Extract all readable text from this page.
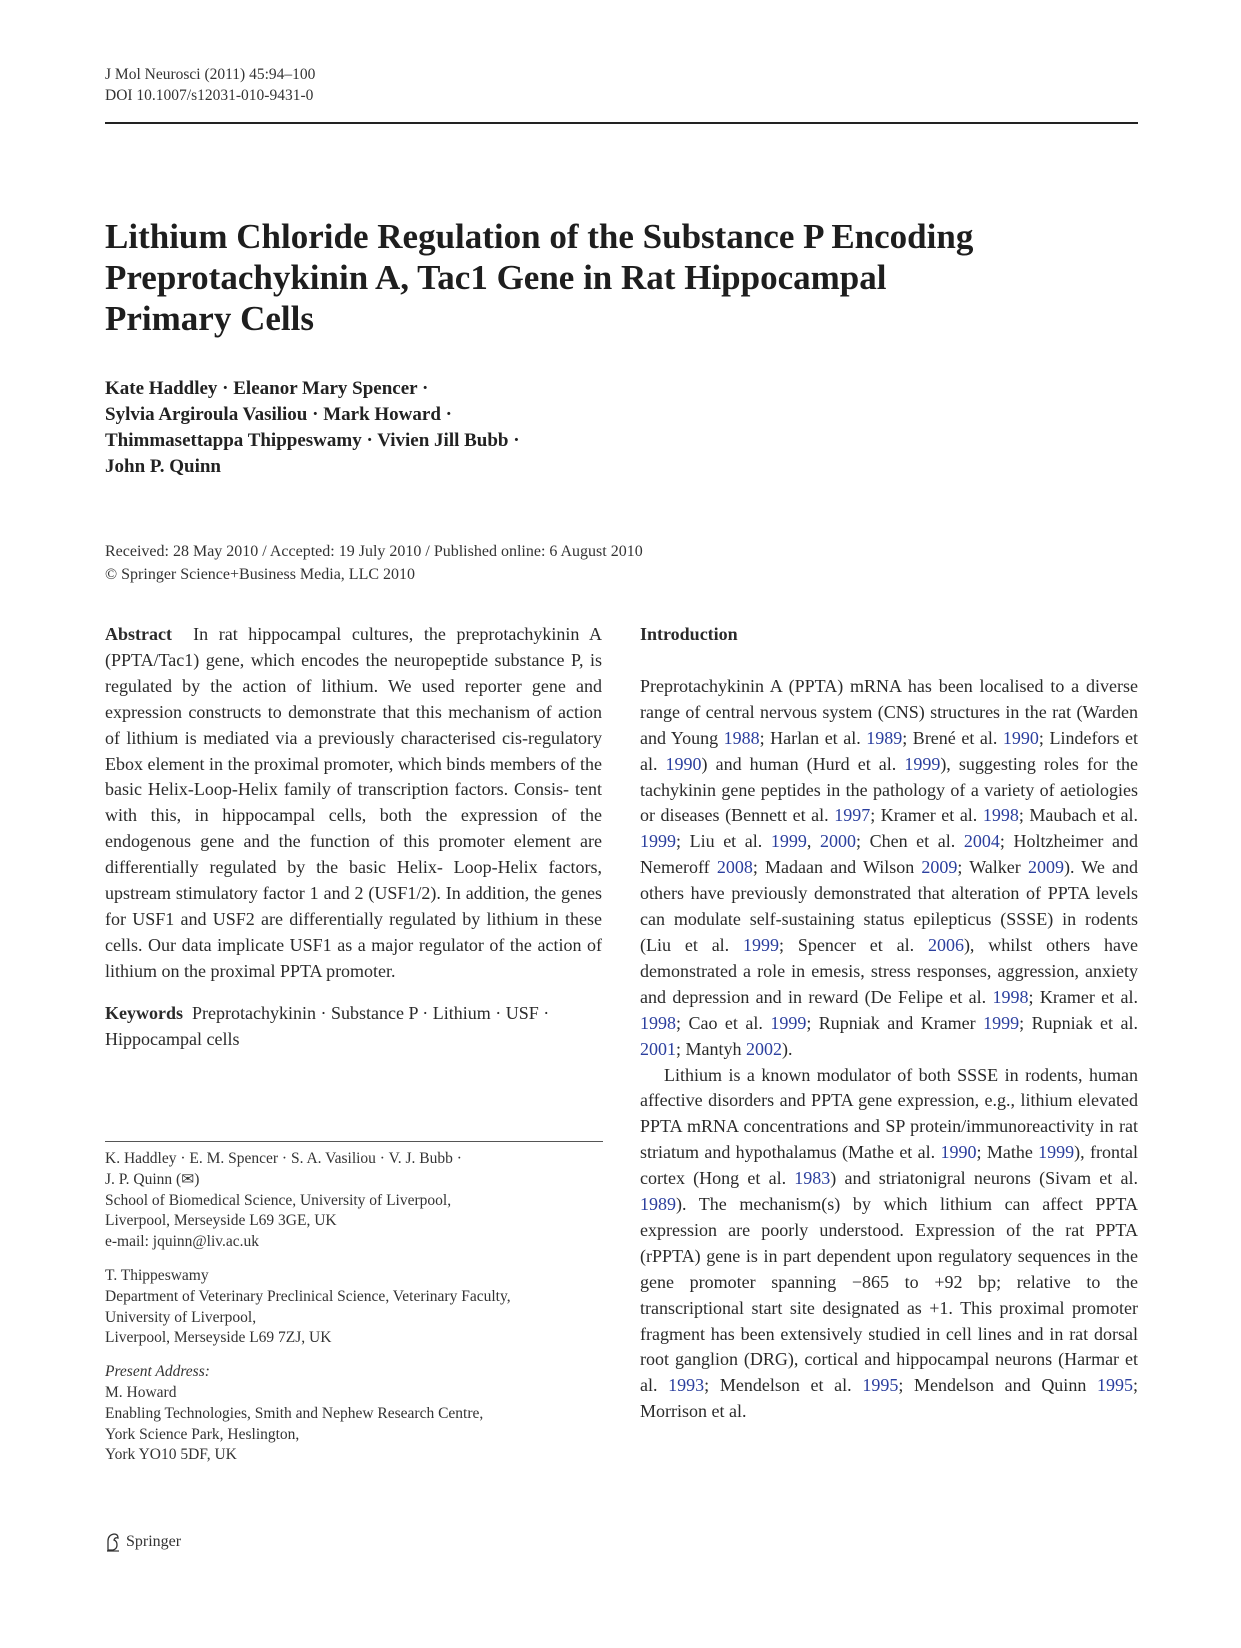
J Mol Neurosci (2011) 45:94–100
DOI 10.1007/s12031-010-9431-0
Lithium Chloride Regulation of the Substance P Encoding
Preprotachykinin A, Tac1 Gene in Rat Hippocampal
Primary Cells
Kate Haddley · Eleanor Mary Spencer ·
Sylvia Argiroula Vasiliou · Mark Howard ·
Thimmasettappa Thippeswamy · Vivien Jill Bubb ·
John P. Quinn
Received: 28 May 2010 / Accepted: 19 July 2010 / Published online: 6 August 2010
© Springer Science+Business Media, LLC 2010
Abstract In rat hippocampal cultures, the preprotachykinin A (PPTA/Tac1) gene, which encodes the neuropeptide substance P, is regulated by the action of lithium. We used reporter gene and expression constructs to demonstrate that this mechanism of action of lithium is mediated via a previously characterised cis-regulatory Ebox element in the proximal promoter, which binds members of the basic Helix-Loop-Helix family of transcription factors. Consis- tent with this, in hippocampal cells, both the expression of the endogenous gene and the function of this promoter element are differentially regulated by the basic Helix- Loop-Helix factors, upstream stimulatory factor 1 and 2 (USF1/2). In addition, the genes for USF1 and USF2 are differentially regulated by lithium in these cells. Our data implicate USF1 as a major regulator of the action of lithium on the proximal PPTA promoter.
Keywords Preprotachykinin · Substance P · Lithium · USF · Hippocampal cells
K. Haddley · E. M. Spencer · S. A. Vasiliou · V. J. Bubb ·
J. P. Quinn (✉)
School of Biomedical Science, University of Liverpool,
Liverpool, Merseyside L69 3GE, UK
e-mail: jquinn@liv.ac.uk
T. Thippeswamy
Department of Veterinary Preclinical Science, Veterinary Faculty,
University of Liverpool,
Liverpool, Merseyside L69 7ZJ, UK
Present Address:
M. Howard
Enabling Technologies, Smith and Nephew Research Centre,
York Science Park, Heslington,
York YO10 5DF, UK
Introduction
Preprotachykinin A (PPTA) mRNA has been localised to a diverse range of central nervous system (CNS) structures in the rat (Warden and Young 1988; Harlan et al. 1989; Brené et al. 1990; Lindefors et al. 1990) and human (Hurd et al. 1999), suggesting roles for the tachykinin gene peptides in the pathology of a variety of aetiologies or diseases (Bennett et al. 1997; Kramer et al. 1998; Maubach et al. 1999; Liu et al. 1999, 2000; Chen et al. 2004; Holtzheimer and Nemeroff 2008; Madaan and Wilson 2009; Walker 2009). We and others have previously demonstrated that alteration of PPTA levels can modulate self-sustaining status epilepticus (SSSE) in rodents (Liu et al. 1999; Spencer et al. 2006), whilst others have demonstrated a role in emesis, stress responses, aggression, anxiety and depression and in reward (De Felipe et al. 1998; Kramer et al. 1998; Cao et al. 1999; Rupniak and Kramer 1999; Rupniak et al. 2001; Mantyh 2002).
Lithium is a known modulator of both SSSE in rodents, human affective disorders and PPTA gene expression, e.g., lithium elevated PPTA mRNA concentrations and SP protein/immunoreactivity in rat striatum and hypothalamus (Mathe et al. 1990; Mathe 1999), frontal cortex (Hong et al. 1983) and striatonigral neurons (Sivam et al. 1989). The mechanism(s) by which lithium can affect PPTA expression are poorly understood. Expression of the rat PPTA (rPPTA) gene is in part dependent upon regulatory sequences in the gene promoter spanning −865 to +92 bp; relative to the transcriptional start site designated as +1. This proximal promoter fragment has been extensively studied in cell lines and in rat dorsal root ganglion (DRG), cortical and hippocampal neurons (Harmar et al. 1993; Mendelson et al. 1995; Mendelson and Quinn 1995; Morrison et al.
Springer
